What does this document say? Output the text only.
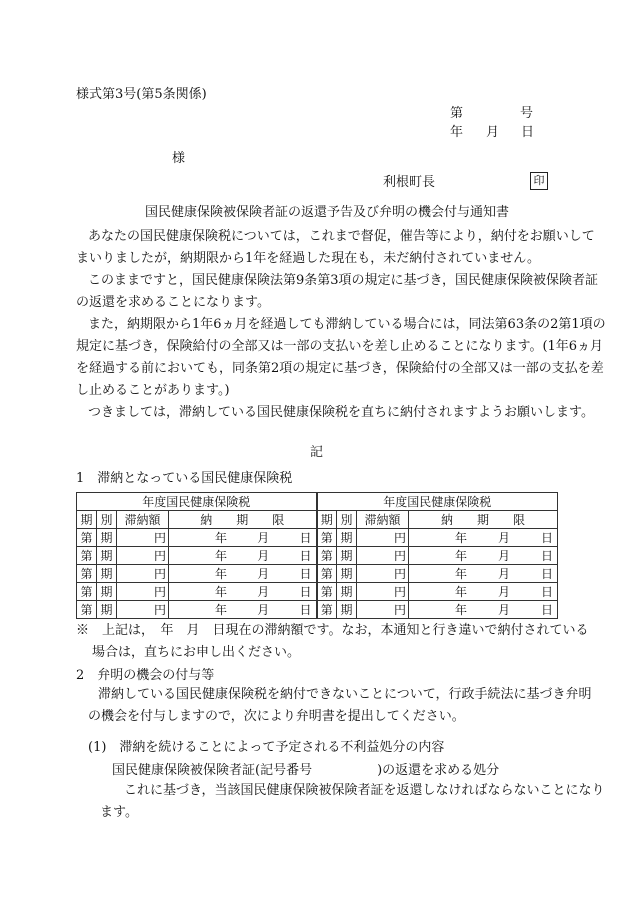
様式第3号(第5条関係)
第	号
年 月 日
様
利根町長	印
国民健康保険被保険者証の返還予告及び弁明の機会付与通知書
あなたの国民健康保険税については，これまで督促，催告等により，納付をお願いして
まいりましたが，納期限から1年を経過した現在も，未だ納付されていません。
このままですと，国民健康保険法第9条第3項の規定に基づき，国民健康保険被保険者証
の返還を求めることになります。
また，納期限から1年6ヵ月を経過しても滞納している場合には，同法第63条の2第1項の
規定に基づき，保険給付の全部又は一部の支払いを差し止めることになります。(1年6ヵ月
を経過する前においても，同条第2項の規定に基づき，保険給付の全部又は一部の支払を差
し止めることがあります。)
つきましては，滞納している国民健康保険税を直ちに納付されますようお願いします。
記
1　滞納となっている国民健康保険税
年度国民健康保険税				年度国民健康保険税			
期	別	滞納額	納　　期　　限	期	別	滞納額	納　　期　　限
第	期	円	年 月 日	第	期	円	年 月 日

第	期	円	年 月 日	第	期	円	年 月 日

第	期	円	年 月 日	第	期	円	年 月 日

第	期	円	年 月 日	第	期	円	年 月 日

第	期	円	年 月 日	第	期	円	年 月 日
※　上記は，　年　月　日現在の滞納額です。なお，本通知と行き違いで納付されている
場合は，直ちにお申し出ください。
2　弁明の機会の付与等
滞納している国民健康保険税を納付できないことについて，行政手続法に基づき弁明
の機会を付与しますので，次により弁明書を提出してください。
(1)　滞納を続けることによって予定される不利益処分の内容
国民健康保険被保険者証(記号番号　　　　　)の返還を求める処分
これに基づき，当該国民健康保険被保険者証を返還しなければならないことになり
ます。
